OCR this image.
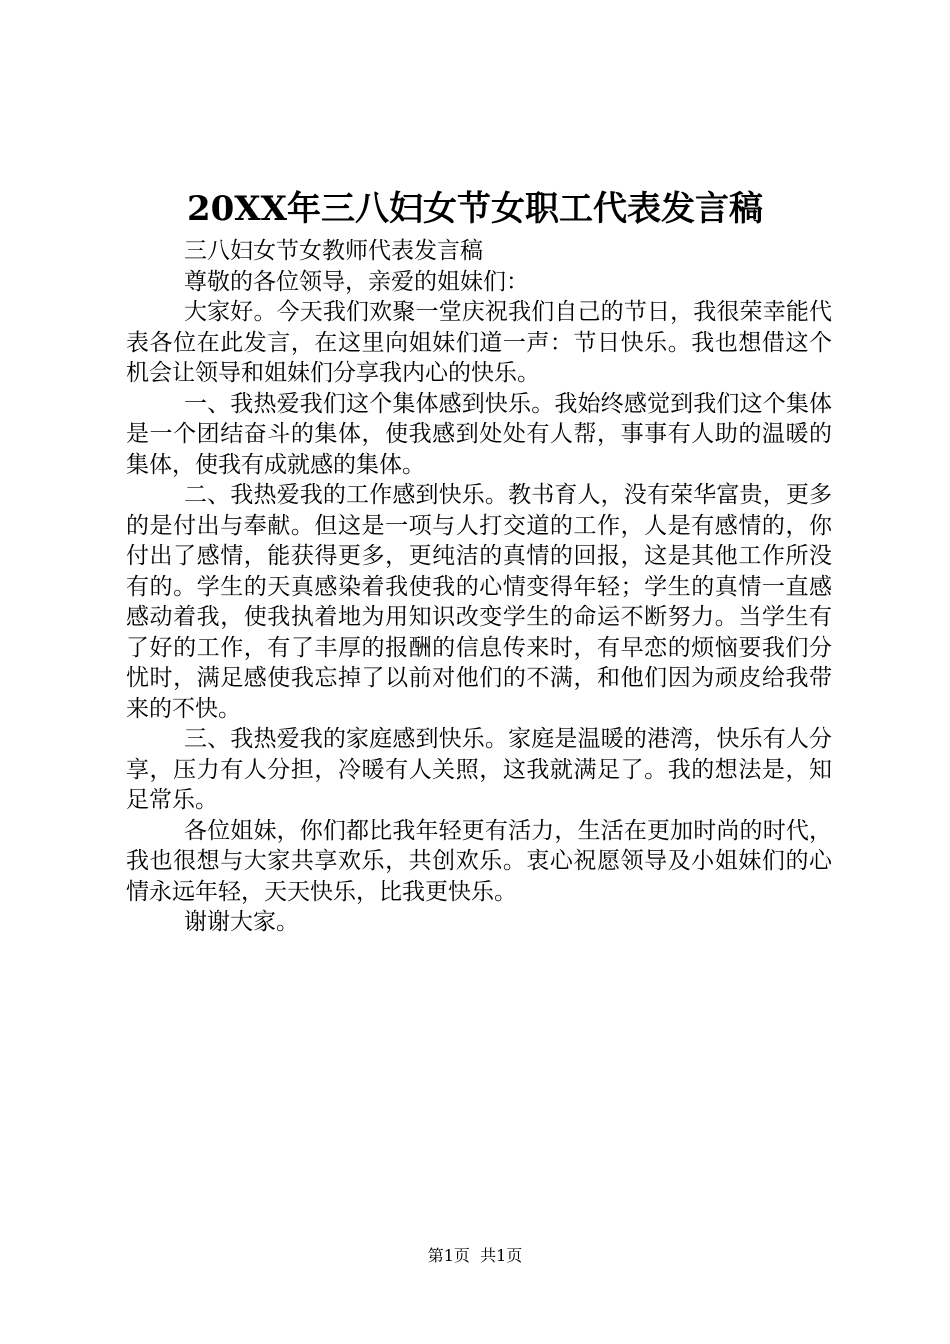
20XX年三八妇女节女职工代表发言稿

三八妇女节女教师代表发言稿

尊敬的各位领导，亲爱的姐妹们：

大家好。今天我们欢聚一堂庆祝我们自己的节日，我很荣幸能代表各位在此发言，在这里向姐妹们道一声：节日快乐。我也想借这个机会让领导和姐妹们分享我内心的快乐。

一、我热爱我们这个集体感到快乐。我始终感觉到我们这个集体是一个团结奋斗的集体，使我感到处处有人帮，事事有人助的温暖的集体，使我有成就感的集体。

二、我热爱我的工作感到快乐。教书育人，没有荣华富贵，更多的是付出与奉献。但这是一项与人打交道的工作，人是有感情的，你付出了感情，能获得更多，更纯洁的真情的回报，这是其他工作所没有的。学生的天真感染着我使我的心情变得年轻；学生的真情一直感感动着我，使我执着地为用知识改变学生的命运不断努力。当学生有了好的工作，有了丰厚的报酬的信息传来时，有早恋的烦恼要我们分忧时，满足感使我忘掉了以前对他们的不满，和他们因为顽皮给我带来的不快。

三、我热爱我的家庭感到快乐。家庭是温暖的港湾，快乐有人分享，压力有人分担，冷暖有人关照，这我就满足了。我的想法是，知足常乐。

各位姐妹，你们都比我年轻更有活力，生活在更加时尚的时代，我也很想与大家共享欢乐，共创欢乐。衷心祝愿领导及小姐妹们的心情永远年轻，天天快乐，比我更快乐。

谢谢大家。

第1页 共1页
